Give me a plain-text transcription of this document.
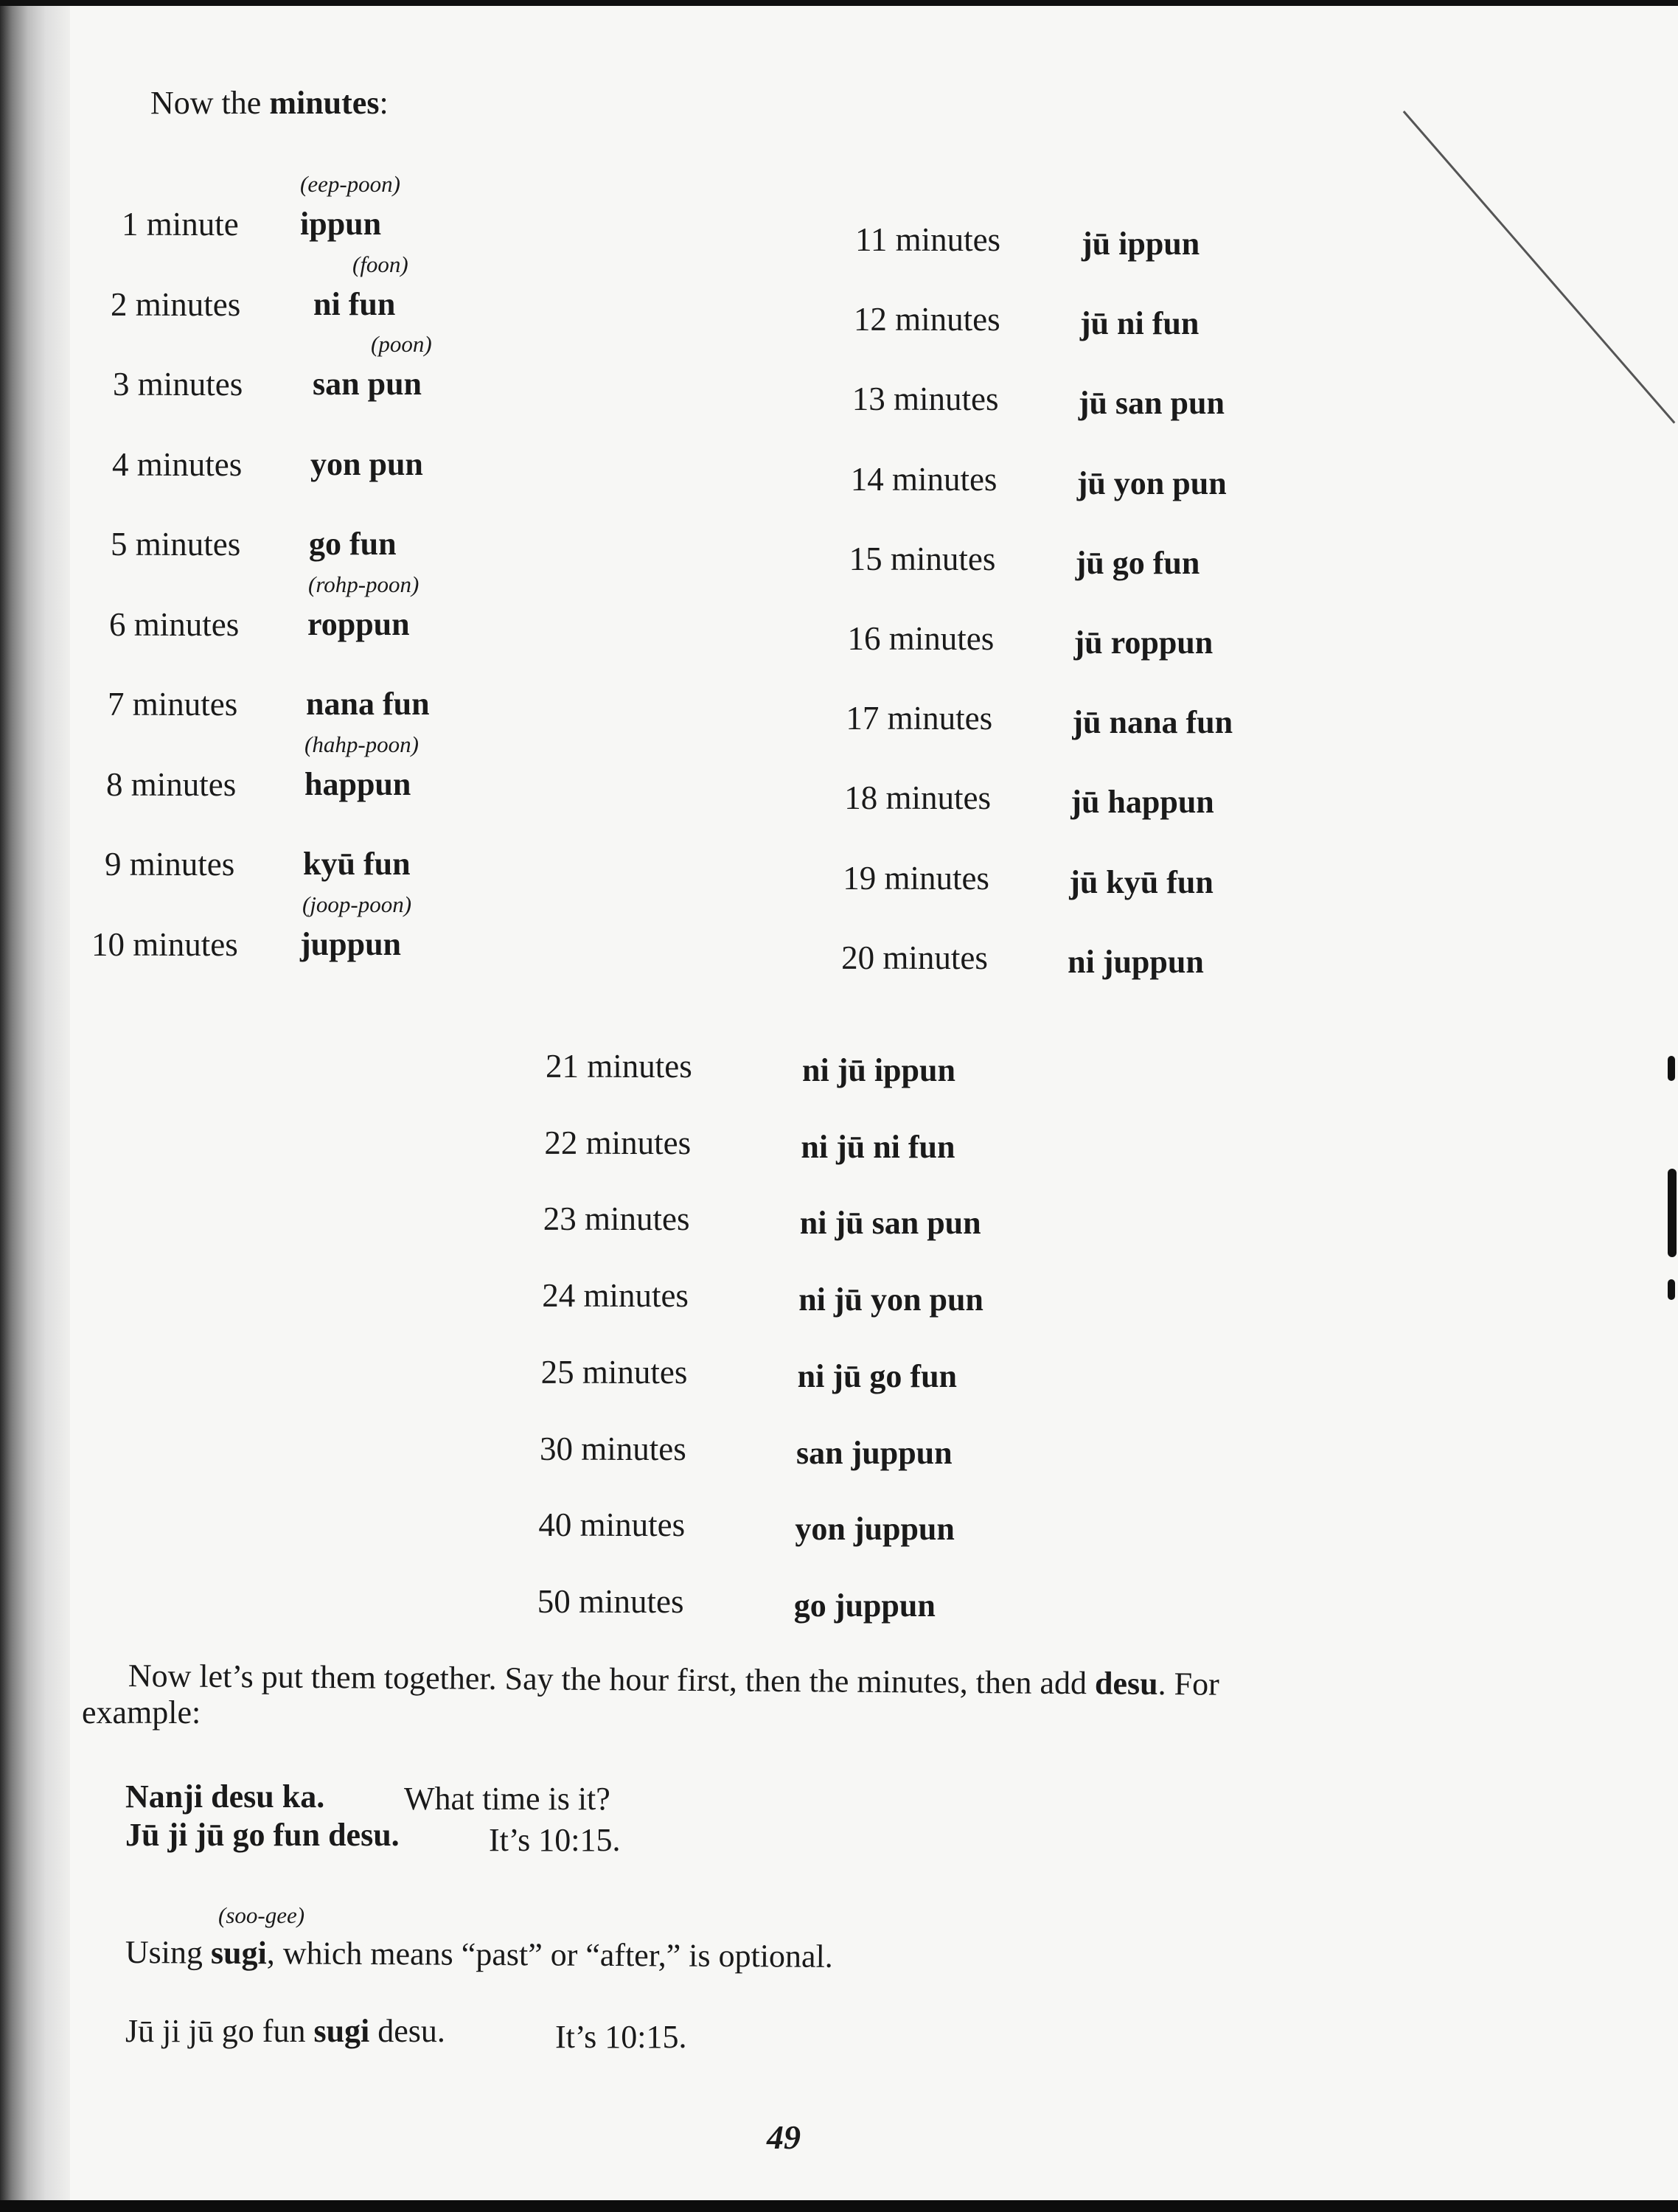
Now the minutes:
1 minute ippun
(eep-poon)
2 minutes ni fun
(foon)
3 minutes san pun
(poon)
4 minutes yon pun
5 minutes go fun
6 minutes roppun
(rohp-poon)
7 minutes nana fun
8 minutes happun
(hahp-poon)
9 minutes kyū fun
10 minutes juppun
(joop-poon)
11 minutes jū ippun
12 minutes jū ni fun
13 minutes jū san pun
14 minutes jū yon pun
15 minutes jū go fun
16 minutes jū roppun
17 minutes jū nana fun
18 minutes jū happun
19 minutes jū kyū fun
20 minutes ni juppun
21 minutes	ni jū ippun
22 minutes	ni jū ni fun
23 minutes	ni jū san pun
24 minutes	ni jū yon pun
25 minutes	ni jū go fun
30 minutes	san juppun
40 minutes	yon juppun
50 minutes	go juppun
Now let’s put them together. Say the hour first, then the minutes, then add desu. For
example:
Nanji desu ka. What time is it?
Jū ji jū go fun desu.	It’s 10:15.
(soo-gee)
Using sugi, which means “past” or “after,” is optional.
Jū ji jū go fun sugi desu.	It’s 10:15.
49
